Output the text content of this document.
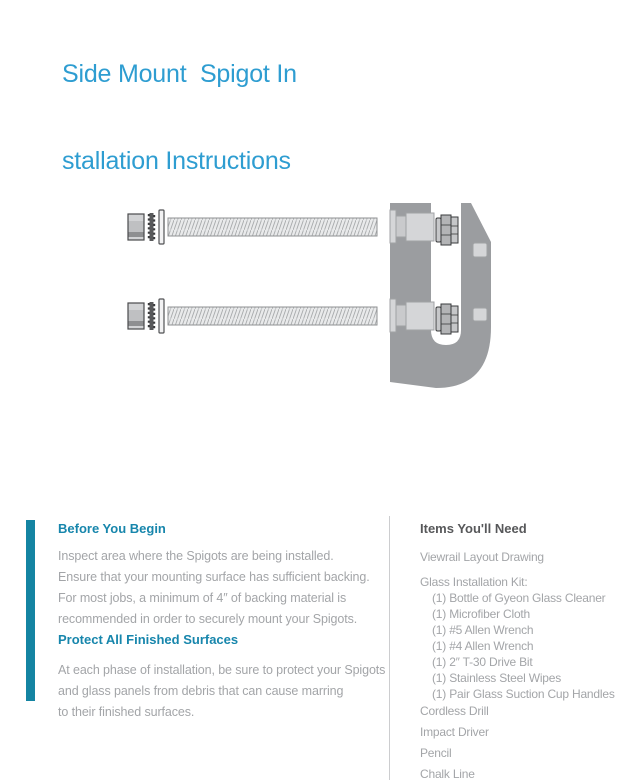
Side Mount  Spigot In

stallation Instructions

Before You Begin
Inspect area where the Spigots are being installed.
Ensure that your mounting surface has sufficient backing.
For most jobs, a minimum of 4″ of backing material is
recommended in order to securely mount your Spigots.
Protect All Finished Surfaces
At each phase of installation, be sure to protect your Spigots
and glass panels from debris that can cause marring
to their finished surfaces.
Items You'll Need
Viewrail Layout Drawing
Glass Installation Kit:
(1) Bottle of Gyeon Glass Cleaner
(1) Microfiber Cloth
(1) #5 Allen Wrench
(1) #4 Allen Wrench
(1) 2″ T-30 Drive Bit
(1) Stainless Steel Wipes
(1) Pair Glass Suction Cup Handles
Cordless Drill
Impact Driver
Pencil
Chalk Line
